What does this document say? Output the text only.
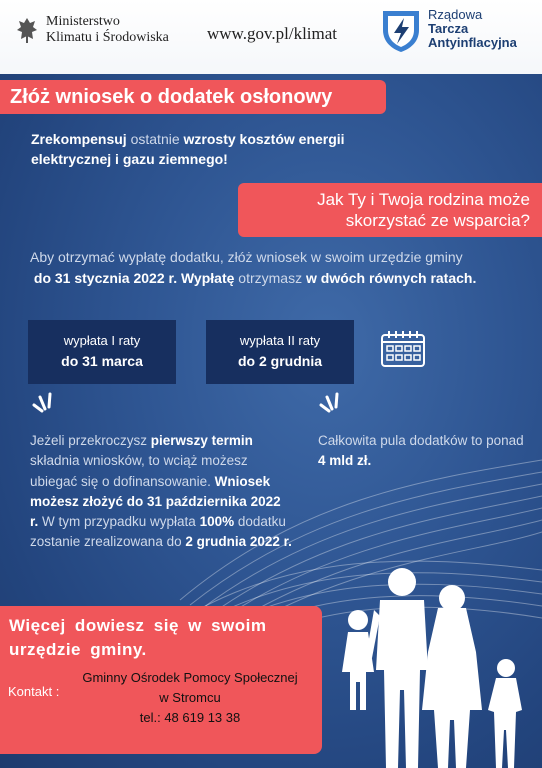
Ministerstwo
Klimatu i Środowiska www.gov.pl/klimat
Rządowa
Tarcza
Antyinflacyjna
Złóż wniosek o dodatek osłonowy
Zrekompensuj ostatnie wzrosty kosztów energii elektrycznej i gazu ziemnego!
Jak Ty i Twoja rodzina może
skorzystać ze wsparcia?
Aby otrzymać wypłatę dodatku, złóż wniosek w swoim urzędzie gminy
do 31 stycznia 2022 r. Wypłatę otrzymasz w dwóch równych ratach.
wypłata I raty
do 31 marca
wypłata II raty
do 2 grudnia
Jeżeli przekroczysz pierwszy termin składnia wniosków, to wciąż możesz ubiegać się o dofinansowanie. Wniosek możesz złożyć do 31 października 2022 r. W tym przypadku wypłata 100% dodatku zostanie zrealizowana do 2 grudnia 2022 r.
Całkowita pula dodatków to ponad 4 mld zł.
Więcej dowiesz się w swoim urzędzie gminy.
Kontakt :
Gminny Ośrodek Pomocy Społecznej
w Stromcu
tel.: 48 619 13 38
